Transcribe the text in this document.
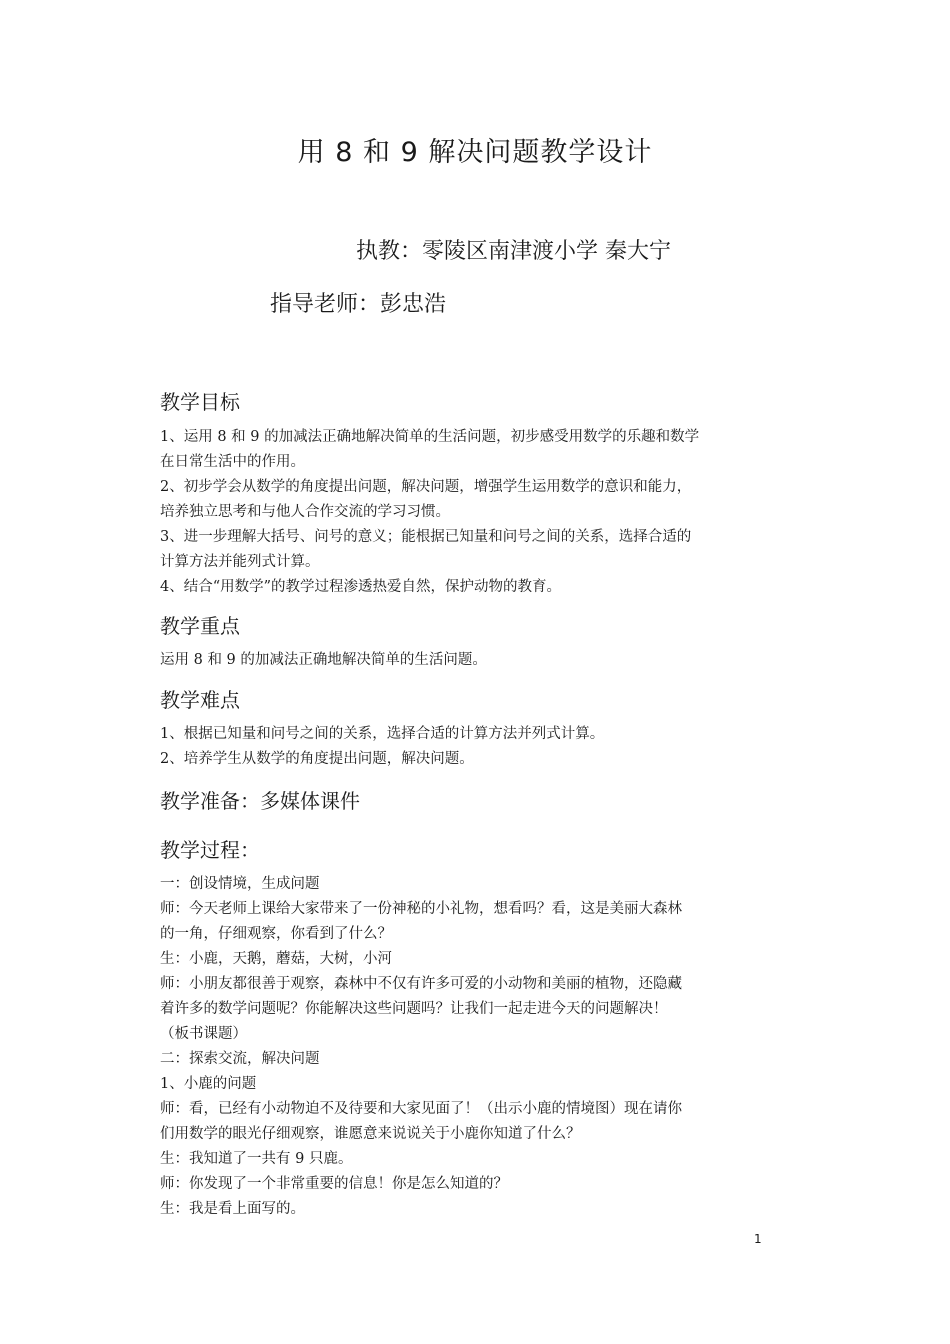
用 8 和 9 解决问题教学设计
执教：零陵区南津渡小学 秦大宁
指导老师：彭忠浩
教学目标
1、运用 8 和 9 的加减法正确地解决简单的生活问题，初步感受用数学的乐趣和数学
在日常生活中的作用。
2、初步学会从数学的角度提出问题，解决问题，增强学生运用数学的意识和能力，
培养独立思考和与他人合作交流的学习习惯。
3、进一步理解大括号、问号的意义；能根据已知量和问号之间的关系，选择合适的
计算方法并能列式计算。
4、结合“用数学”的教学过程渗透热爱自然，保护动物的教育。
教学重点
运用 8 和 9 的加减法正确地解决简单的生活问题。
教学难点
1、根据已知量和问号之间的关系，选择合适的计算方法并列式计算。
2、培养学生从数学的角度提出问题，解决问题。
教学准备：多媒体课件
教学过程：
一：创设情境，生成问题
师：今天老师上课给大家带来了一份神秘的小礼物，想看吗？看，这是美丽大森林
的一角，仔细观察，你看到了什么？
生：小鹿，天鹅，蘑菇，大树，小河
师：小朋友都很善于观察，森林中不仅有许多可爱的小动物和美丽的植物，还隐藏
着许多的数学问题呢？你能解决这些问题吗？让我们一起走进今天的问题解决！
（板书课题）
二：探索交流，解决问题
1、小鹿的问题
师：看，已经有小动物迫不及待要和大家见面了！（出示小鹿的情境图）现在请你
们用数学的眼光仔细观察，谁愿意来说说关于小鹿你知道了什么？
生：我知道了一共有 9 只鹿。
师：你发现了一个非常重要的信息！你是怎么知道的？
生：我是看上面写的。
1
